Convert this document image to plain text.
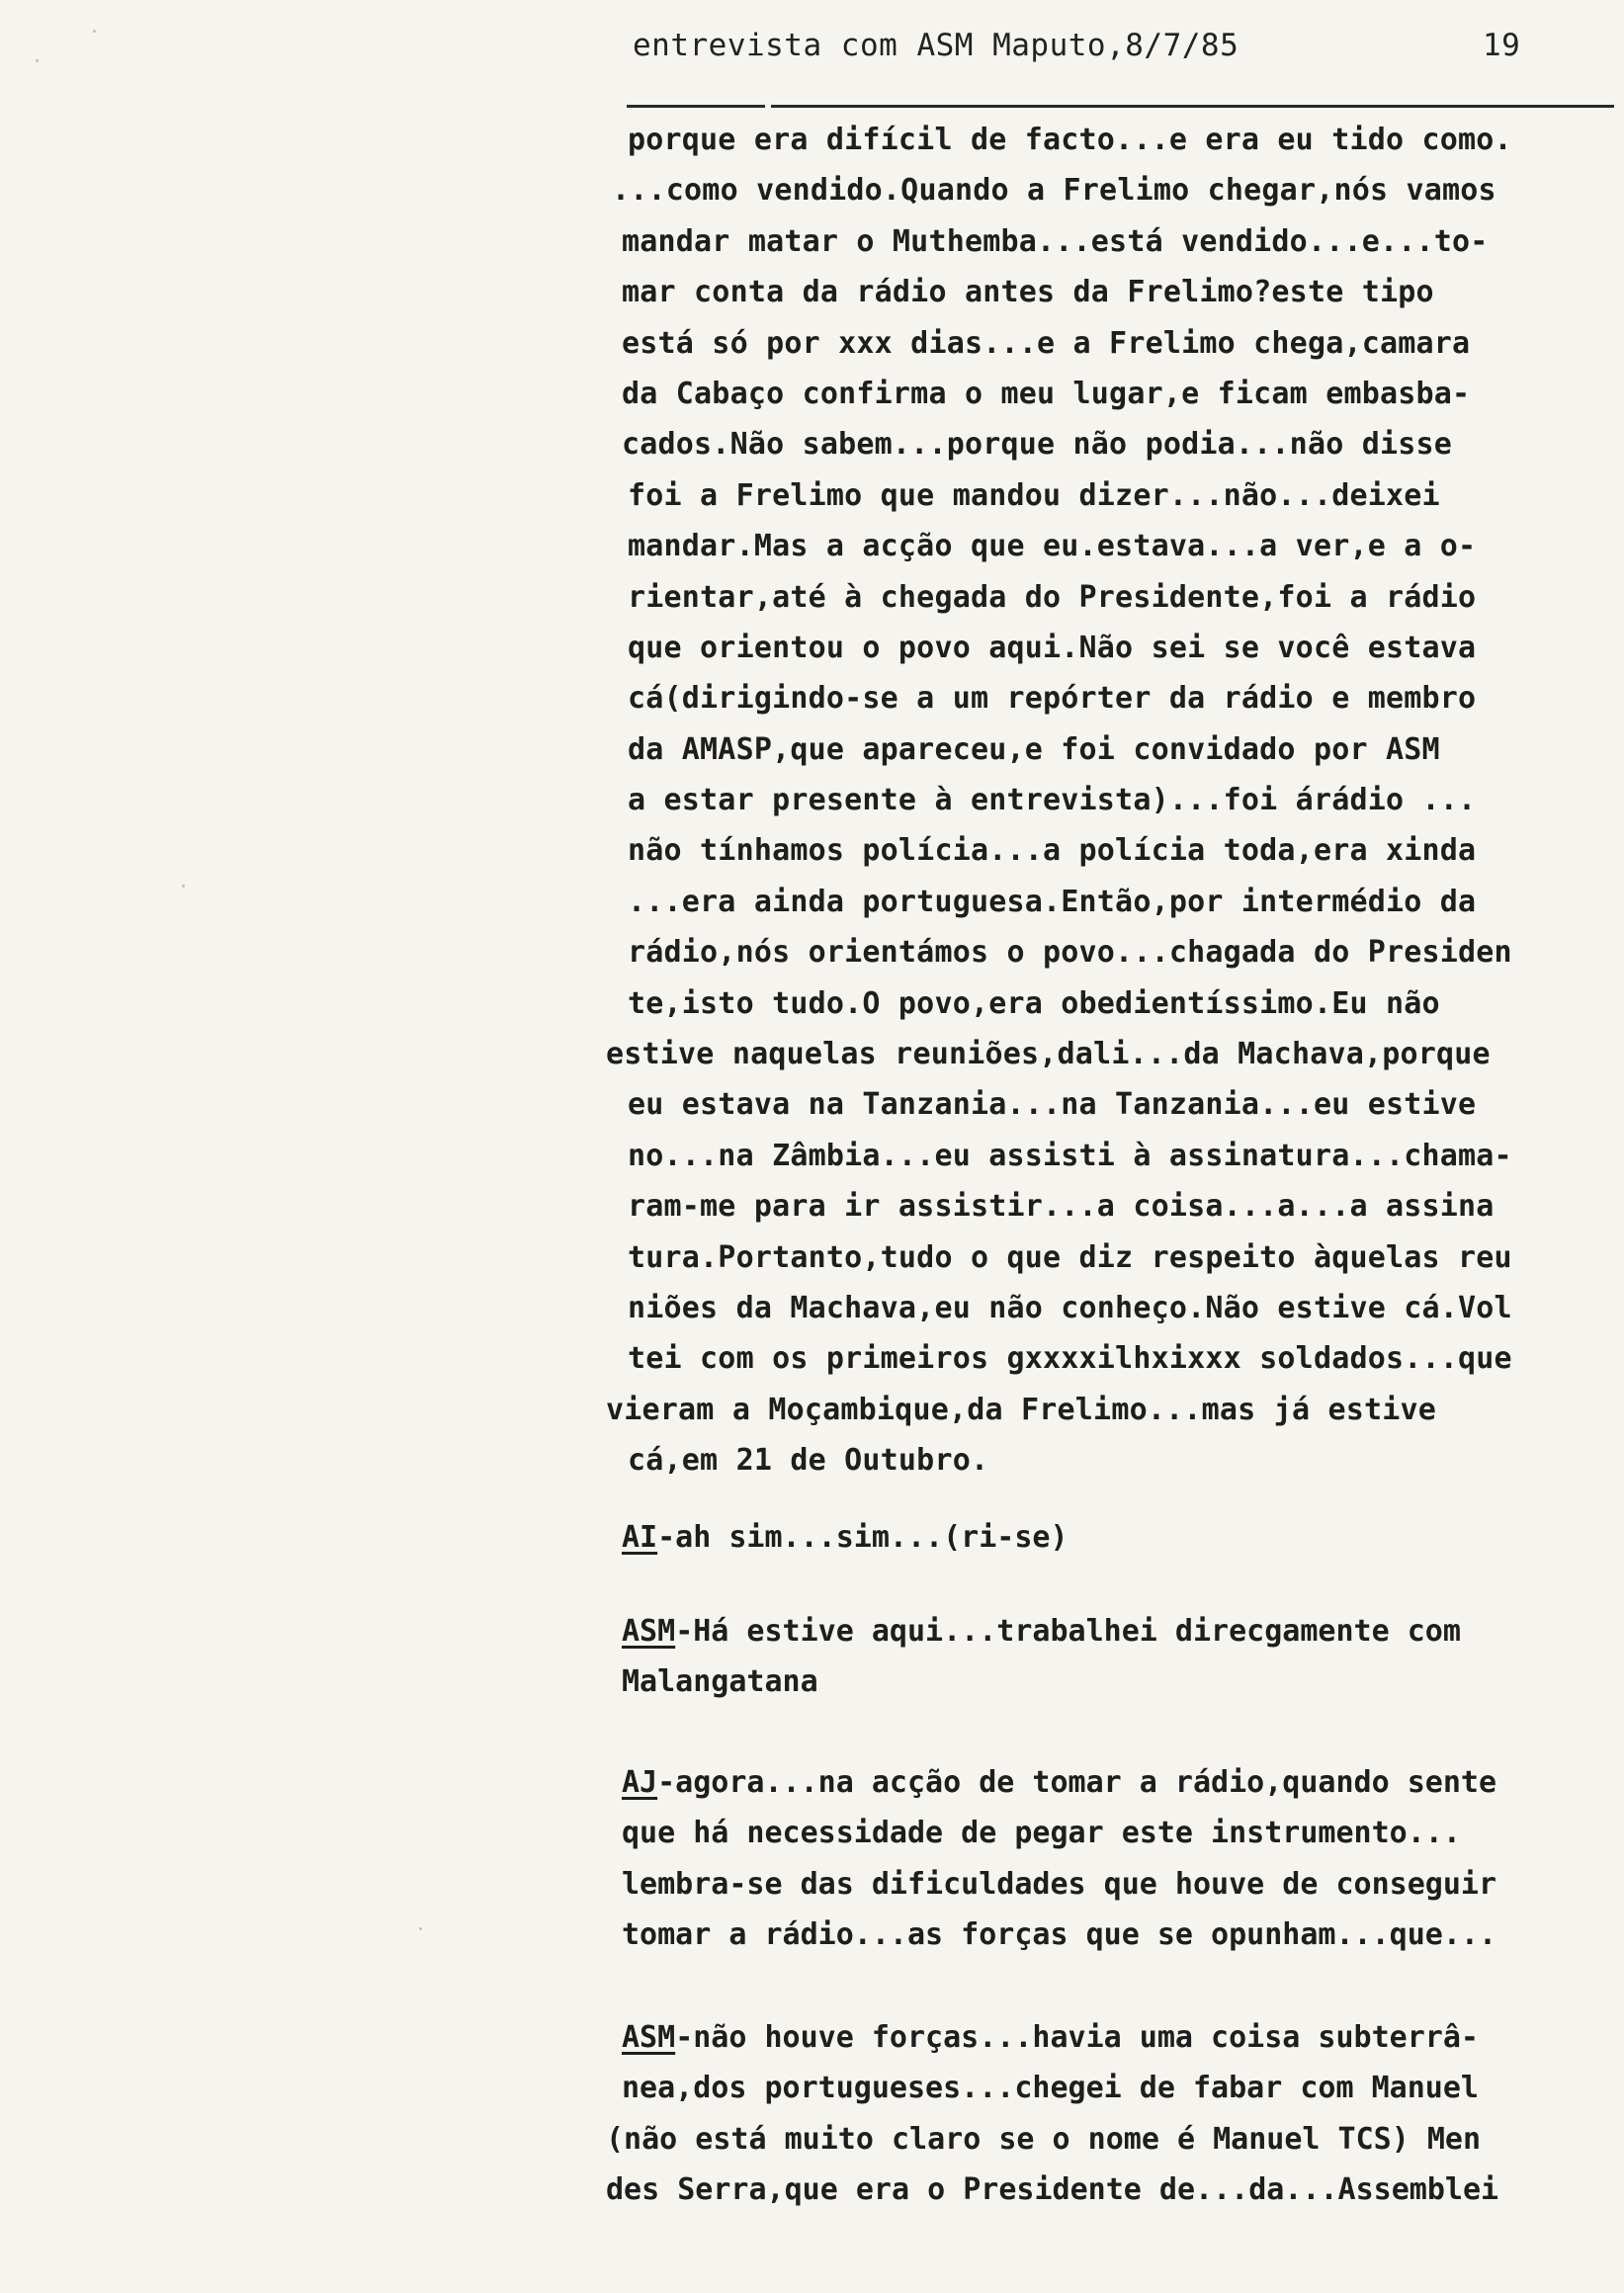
entrevista com ASM Maputo,8/7/85	19
porque era difícil de facto...e era eu tido como.
...como vendido.Quando a Frelimo chegar,nós vamos
mandar matar o Muthemba...está vendido...e...to-
mar conta da rádio antes da Frelimo?este tipo
está só por xxx dias...e a Frelimo chega,camara
da Cabaço confirma o meu lugar,e ficam embasba-
cados.Não sabem...porque não podia...não disse
foi a Frelimo que mandou dizer...não...deixei
mandar.Mas a acção que eu.estava...a ver,e a o-
rientar,até à chegada do Presidente,foi a rádio
que orientou o povo aqui.Não sei se você estava
cá(dirigindo-se a um repórter da rádio e membro
da AMASP,que apareceu,e foi convidado por ASM
a estar presente à entrevista)...foi árádio ...
não tínhamos polícia...a polícia toda,era xinda
...era ainda portuguesa.Então,por intermédio da
rádio,nós orientámos o povo...chagada do Presiden
te,isto tudo.O povo,era obedientíssimo.Eu não
estive naquelas reuniões,dali...da Machava,porque
eu estava na Tanzania...na Tanzania...eu estive
no...na Zâmbia...eu assisti à assinatura...chama-
ram-me para ir assistir...a coisa...a...a assina
tura.Portanto,tudo o que diz respeito àquelas reu
niões da Machava,eu não conheço.Não estive cá.Vol
tei com os primeiros gxxxxilhxixxx soldados...que
vieram a Moçambique,da Frelimo...mas já estive
cá,em 21 de Outubro.
AI-ah sim...sim...(ri-se)
ASM-Há estive aqui...trabalhei direcgamente com
Malangatana
AJ-agora...na acção de tomar a rádio,quando sente
que há necessidade de pegar este instrumento...
lembra-se das dificuldades que houve de conseguir
tomar a rádio...as forças que se opunham...que...
ASM-não houve forças...havia uma coisa subterrâ-
nea,dos portugueses...chegei de fabar com Manuel
(não está muito claro se o nome é Manuel TCS) Men
des Serra,que era o Presidente de...da...Assemblei
